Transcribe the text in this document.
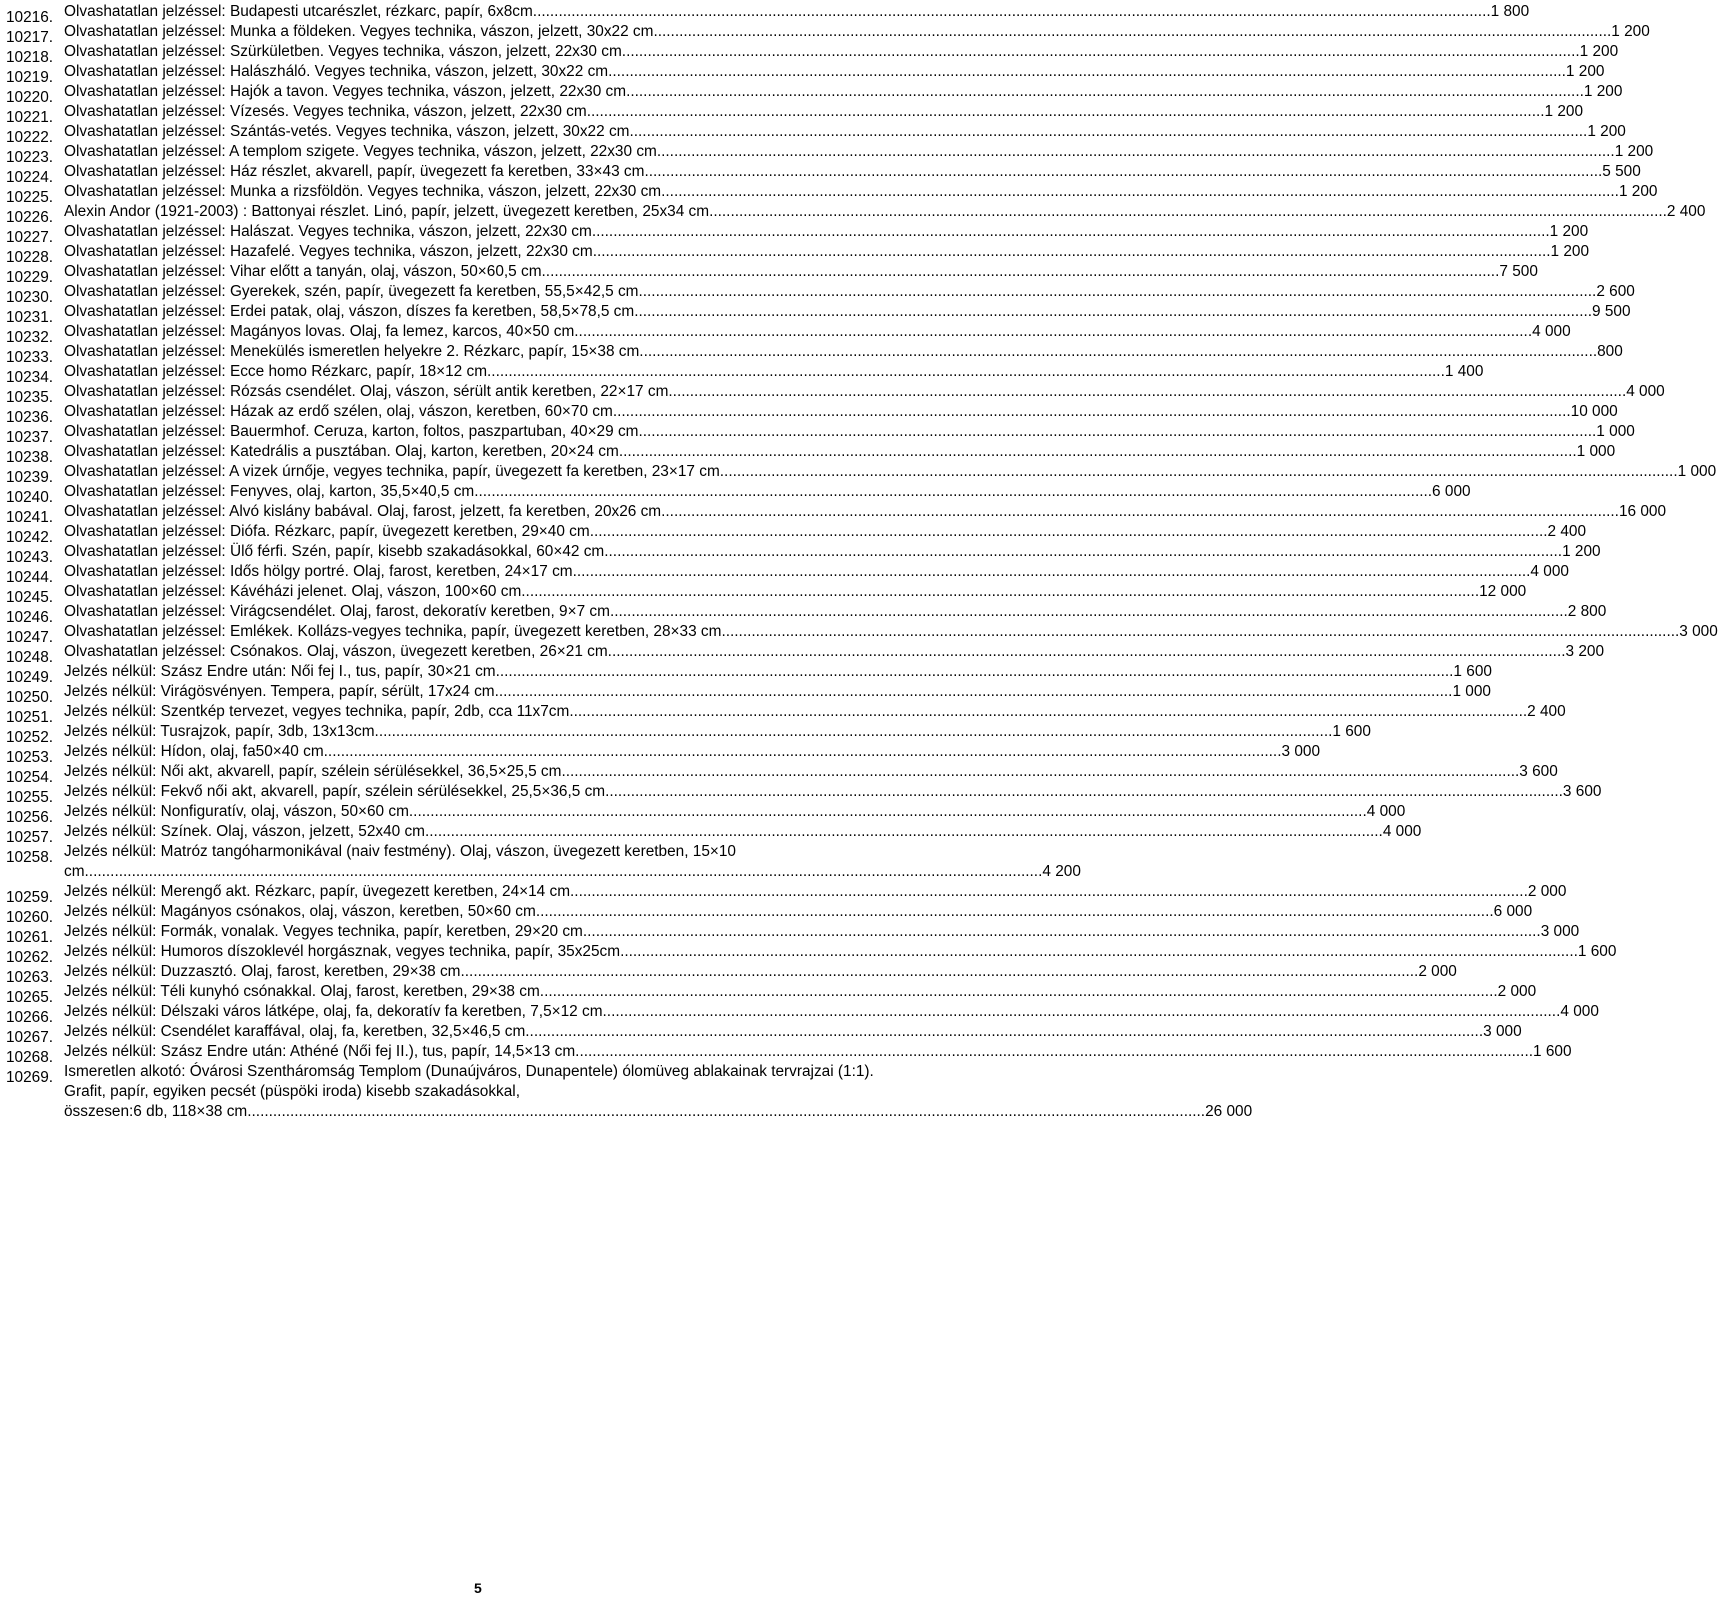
10216. Olvashatatlan jelzéssel: Budapesti utcarészlet, rézkarc, papír, 6x8cm .....	1 800
10217. Olvashatatlan jelzéssel: Munka a földeken. Vegyes technika, vászon, jelzett, 30x22 cm .....	1 200
10218. Olvashatatlan jelzéssel: Szürkületben. Vegyes technika, vászon, jelzett, 22x30 cm .....	1 200
10219. Olvashatatlan jelzéssel: Halászháló. Vegyes technika, vászon, jelzett, 30x22 cm .....	1 200
10220. Olvashatatlan jelzéssel: Hajók a tavon. Vegyes technika, vászon, jelzett, 22x30 cm .....	1 200
10221. Olvashatatlan jelzéssel: Vízesés. Vegyes technika, vászon, jelzett, 22x30 cm .....	1 200
10222. Olvashatatlan jelzéssel: Szántás-vetés. Vegyes technika, vászon, jelzett, 30x22 cm .....	1 200
10223. Olvashatatlan jelzéssel: A templom szigete. Vegyes technika, vászon, jelzett, 22x30 cm .....	1 200
10224. Olvashatatlan jelzéssel: Ház részlet, akvarell, papír, üvegezett fa keretben, 33×43 cm .....	5 500
10225. Olvashatatlan jelzéssel: Munka a rizsföldön. Vegyes technika, vászon, jelzett, 22x30 cm .....	1 200
10226. Alexin Andor (1921-2003) : Battonyai részlet. Linó, papír, jelzett, üvegezett keretben, 25x34 cm .....	2 400
10227. Olvashatatlan jelzéssel: Halászat. Vegyes technika, vászon, jelzett, 22x30 cm .....	1 200
10228. Olvashatatlan jelzéssel: Hazafelé. Vegyes technika, vászon, jelzett, 22x30 cm .....	1 200
10229. Olvashatatlan jelzéssel: Vihar előtt a tanyán, olaj, vászon, 50×60,5 cm .....	7 500
10230. Olvashatatlan jelzéssel: Gyerekek, szén, papír, üvegezett fa keretben, 55,5×42,5 cm .....	2 600
10231. Olvashatatlan jelzéssel: Erdei patak, olaj, vászon, díszes fa keretben, 58,5×78,5 cm .....	9 500
10232. Olvashatatlan jelzéssel: Magányos lovas. Olaj, fa lemez, karcos, 40×50 cm .....	4 000
10233. Olvashatatlan jelzéssel: Menekülés ismeretlen helyekre 2. Rézkarc, papír, 15×38 cm .....	800
10234. Olvashatatlan jelzéssel: Ecce homo Rézkarc, papír, 18×12 cm .....	1 400
10235. Olvashatatlan jelzéssel: Rózsás csendélet. Olaj, vászon, sérült antik keretben, 22×17 cm .....	4 000
10236. Olvashatatlan jelzéssel: Házak az erdő szélen, olaj, vászon, keretben, 60×70 cm .....	10 000
10237. Olvashatatlan jelzéssel: Bauermhof. Ceruza, karton, foltos, paszpartuban, 40×29 cm .....	1 000
10238. Olvashatatlan jelzéssel: Katedrális a pusztában. Olaj, karton, keretben, 20×24 cm .....	1 000
10239. Olvashatatlan jelzéssel: A vizek úrnője, vegyes technika, papír, üvegezett fa keretben, 23×17 cm .....	1 000
10240. Olvashatatlan jelzéssel: Fenyves, olaj, karton, 35,5×40,5 cm .....	6 000
10241. Olvashatatlan jelzéssel: Alvó kislány babával. Olaj, farost, jelzett, fa keretben, 20x26 cm .....	16 000
10242. Olvashatatlan jelzéssel: Diófa. Rézkarc, papír, üvegezett keretben, 29×40 cm .....	2 400
10243. Olvashatatlan jelzéssel: Ülő férfi. Szén, papír, kisebb szakadásokkal, 60×42 cm .....	1 200
10244. Olvashatatlan jelzéssel: Idős hölgy portré. Olaj, farost, keretben, 24×17 cm .....	4 000
10245. Olvashatatlan jelzéssel: Kávéházi jelenet. Olaj, vászon, 100×60 cm .....	12 000
10246. Olvashatatlan jelzéssel: Virágcsendélet. Olaj, farost, dekoratív keretben, 9×7 cm .....	2 800
10247. Olvashatatlan jelzéssel: Emlékek. Kollázs-vegyes technika, papír, üvegezett keretben, 28×33 cm .....	3 000
10248. Olvashatatlan jelzéssel: Csónakos. Olaj, vászon, üvegezett keretben, 26×21 cm .....	3 200
10249. Jelzés nélkül: Szász Endre után: Női fej I., tus, papír, 30×21 cm .....	1 600
10250. Jelzés nélkül: Virágösvényen. Tempera, papír, sérült, 17x24 cm .....	1 000
10251. Jelzés nélkül: Szentkép tervezet, vegyes technika, papír, 2db, cca 11x7cm .....	2 400
10252. Jelzés nélkül: Tusrajzok, papír, 3db, 13x13cm .....	1 600
10253. Jelzés nélkül: Hídon, olaj, fa50×40 cm .....	3 000
10254. Jelzés nélkül: Női akt, akvarell, papír, szélein sérülésekkel, 36,5×25,5 cm .....	3 600
10255. Jelzés nélkül: Fekvő női akt, akvarell, papír, szélein sérülésekkel, 25,5×36,5 cm .....	3 600
10256. Jelzés nélkül: Nonfiguratív, olaj, vászon, 50×60 cm .....	4 000
10257. Jelzés nélkül: Színek. Olaj, vászon, jelzett, 52x40 cm .....	4 000
10258. Jelzés nélkül: Matróz tangóharmonikával (naiv festmény). Olaj, vászon, üvegezett keretben, 15×10
cm .....	4 200
10259. Jelzés nélkül: Merengő akt. Rézkarc, papír, üvegezett keretben, 24×14 cm .....	2 000
10260. Jelzés nélkül: Magányos csónakos, olaj, vászon, keretben, 50×60 cm .....	6 000
10261. Jelzés nélkül: Formák, vonalak. Vegyes technika, papír, keretben, 29×20 cm .....	3 000
10262. Jelzés nélkül: Humoros díszoklevél horgásznak, vegyes technika, papír, 35x25cm .....	1 600
10263. Jelzés nélkül: Duzzasztó. Olaj, farost, keretben, 29×38 cm .....	2 000
10265. Jelzés nélkül: Téli kunyhó csónakkal. Olaj, farost, keretben, 29×38 cm .....	2 000
10266. Jelzés nélkül: Délszaki város látképe, olaj, fa, dekoratív fa keretben, 7,5×12 cm .....	4 000
10267. Jelzés nélkül: Csendélet karaffával, olaj, fa, keretben, 32,5×46,5 cm .....	3 000
10268. Jelzés nélkül: Szász Endre után: Athéné (Női fej II.), tus, papír, 14,5×13 cm .....	1 600
10269. Ismeretlen alkotó: Óvárosi Szentháromság Templom (Dunaújváros, Dunapentele) ólomüveg ablakainak tervrajzai (1:1). Grafit, papír, egyiken pecsét (püspöki iroda) kisebb szakadásokkal,
összesen:6 db, 118×38 cm .....	26 000
5
